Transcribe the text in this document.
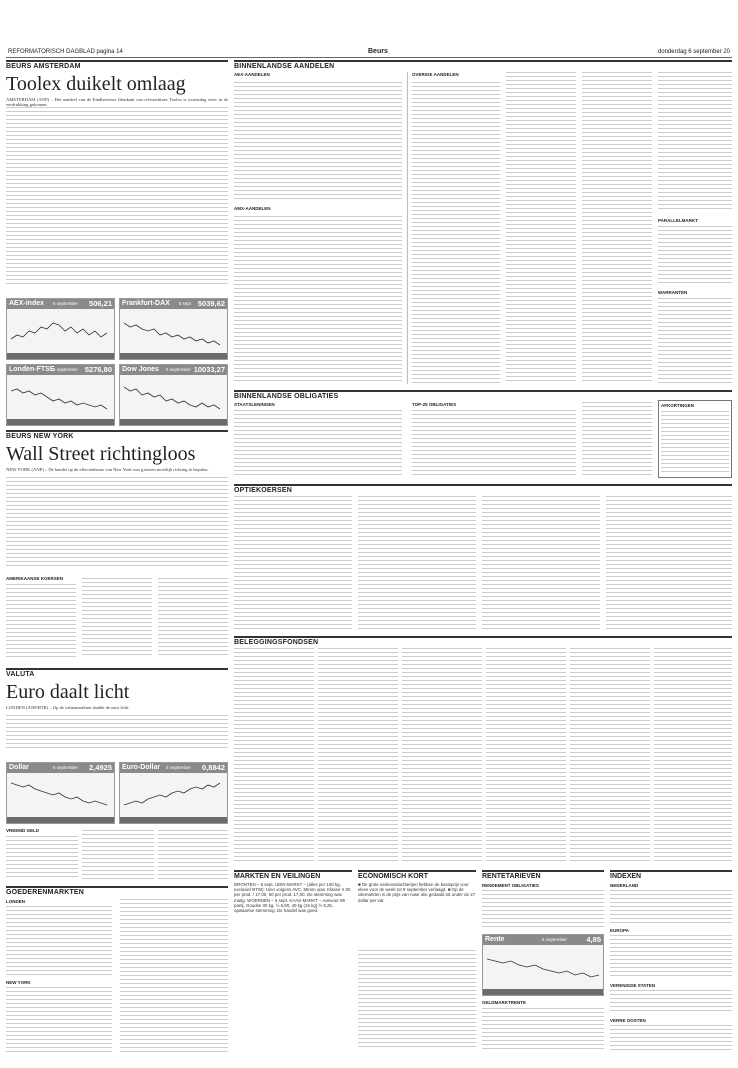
REFORMATORISCH DAGBLAD pagina 14	Beurs	donderdag 6 september 20
BEURS AMSTERDAM
Toolex duikelt omlaag
AMSTERDAM (ANP) – Het aandeel van de Eindhovense fabrikant van cd-machines Toolex is woensdag weer in de verdrukking gekomen.
AEX-index 5 september 506,21 Frankfurt-DAX 5 sept 5039,62
Londen-FTSE
5 september 5276,80 Dow Jones 5 september 10033,27
BEURS NEW YORK
Wall Street richtingloos
NEW YORK (ANP) – De handel op de effectenbeurs van New York was gisteren moeilijk richting te bepalen.
AMERIKAANSE KOERSEN
VALUTA
Euro daalt licht
LONDEN (ANP/RTR) – Op de valutamarkten daalde de euro licht.
Dollar	5 september 2,4925 Euro-Dollar 5 september 0,8842
VREEMD GELD
GOEDERENMARKTEN
LONDEN
NEW YORK
BINNENLANDSE AANDELEN
AEX-AANDELEN
AMX-AANDELEN
OVERIGE AANDELEN
PARALLELMARKT
WARRANTEN
BINNENLANDSE OBLIGATIES
STAATSLENINGEN	TOP-25 OBLIGATIES	AFKORTINGEN
OPTIEKOERSEN
BELEGGINGSFONDSEN
MARKTEN EN VEILINGEN
DRONTEN – 5 sept. UIEN-MARKT – (alles per 100 kg, exclusief BTW): Uien volgens AVC, 55mm opw. Klasse II 30 per prod. / 17,00, 60 per prod. 17,00. De stemming was matig. WOERDEN – 5 sept. KAAS-MARKT – Aanvoer 89 partij. Goudse 30 kg. ½ 6,90, 40 kg (16 kg) ½ 9,25, opwaartse stemming. De handel was goed.
ECONOMISCH KORT
■ De grote varkensslachterijen hebben de basisprijs voor vlees voor de week tot 9 september verlaagd. ■ Op de oliemarkten is de prijs van ruwe olie gedaald tot onder de 27 dollar per vat.
RENTETARIEVEN
RENDEMENT OBLIGATIES
Rente	5 september	4,85
GELDMARKTRENTE
INDEXEN
NEDERLAND
EUROPA
VERENIGDE STATEN
VERRE OOSTEN
